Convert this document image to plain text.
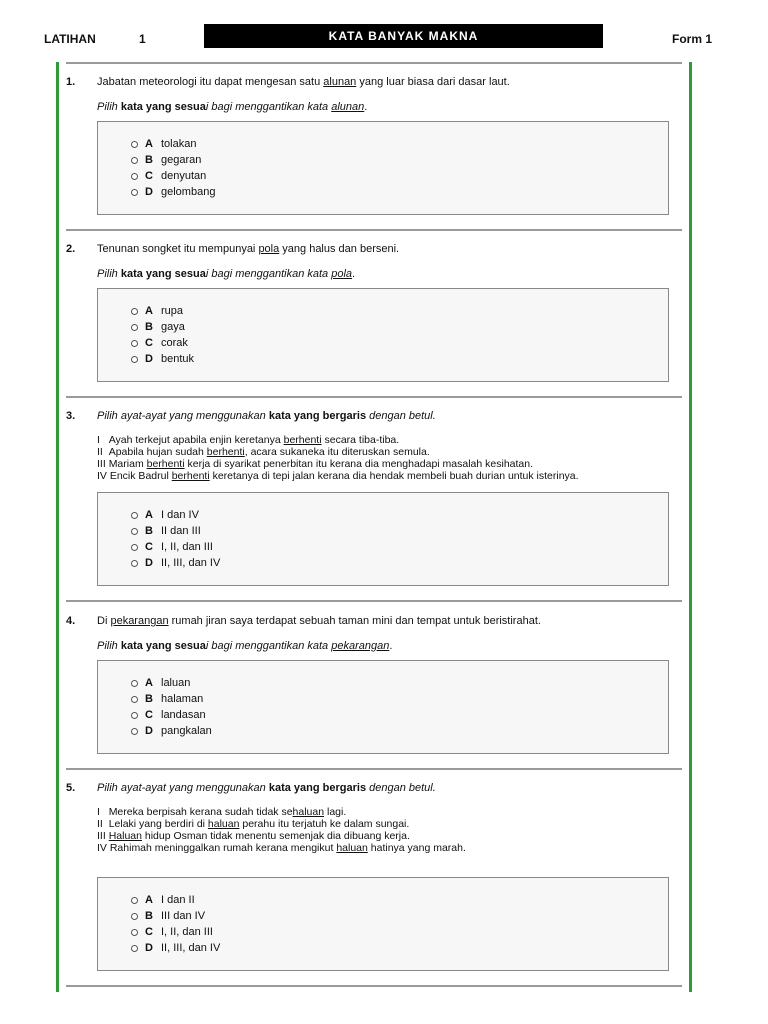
LATIHAN	1	KATA BANYAK MAKNA	Form 1
1. Jabatan meteorologi itu dapat mengesan satu alunan yang luar biasa dari dasar laut.
Pilih kata yang sesuai bagi menggantikan kata alunan.
A tolakan
B gegaran
C denyutan
D gelombang
2. Tenunan songket itu mempunyai pola yang halus dan berseni.
Pilih kata yang sesuai bagi menggantikan kata pola.
A rupa
B gaya
C corak
D bentuk
3. Pilih ayat-ayat yang menggunakan kata yang bergaris dengan betul.
I Ayah terkejut apabila enjin keretanya berhenti secara tiba-tiba.
II Apabila hujan sudah berhenti, acara sukaneka itu diteruskan semula.
III Mariam berhenti kerja di syarikat penerbitan itu kerana dia menghadapi masalah kesihatan.
IV Encik Badrul berhenti keretanya di tepi jalan kerana dia hendak membeli buah durian untuk isterinya.
A I dan IV
B II dan III
C I, II, dan III
D II, III, dan IV
4. Di pekarangan rumah jiran saya terdapat sebuah taman mini dan tempat untuk beristirahat.
Pilih kata yang sesuai bagi menggantikan kata pekarangan.
A laluan
B halaman
C landasan
D pangkalan
5. Pilih ayat-ayat yang menggunakan kata yang bergaris dengan betul.
I Mereka berpisah kerana sudah tidak sehaluan lagi.
II Lelaki yang berdiri di haluan perahu itu terjatuh ke dalam sungai.
III Haluan hidup Osman tidak menentu semenjak dia dibuang kerja.
IV Rahimah meninggalkan rumah kerana mengikut haluan hatinya yang marah.
A I dan II
B III dan IV
C I, II, dan III
D II, III, dan IV
